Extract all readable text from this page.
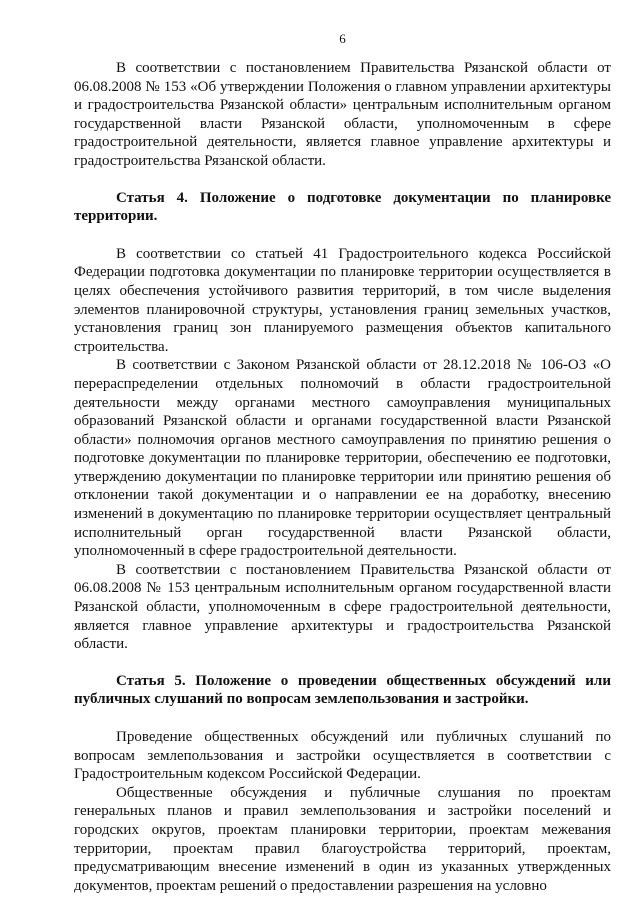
6

В соответствии с постановлением Правительства Рязанской области от 06.08.2008 № 153 «Об утверждении Положения о главном управлении архитектуры и градостроительства Рязанской области» центральным исполнительным органом государственной власти Рязанской области, уполномоченным в сфере градостроительной деятельности, является главное управление архитектуры и градостроительства Рязанской области.

Статья 4. Положение о подготовке документации по планировке территории.

В соответствии со статьей 41 Градостроительного кодекса Российской Федерации подготовка документации по планировке территории осуществляется в целях обеспечения устойчивого развития территорий, в том числе выделения элементов планировочной структуры, установления границ земельных участков, установления границ зон планируемого размещения объектов капитального строительства.

В соответствии с Законом Рязанской области от 28.12.2018 № 106-ОЗ «О перераспределении отдельных полномочий в области градостроительной деятельности между органами местного самоуправления муниципальных образований Рязанской области и органами государственной власти Рязанской области» полномочия органов местного самоуправления по принятию решения о подготовке документации по планировке территории, обеспечению ее подготовки, утверждению документации по планировке территории или принятию решения об отклонении такой документации и о направлении ее на доработку, внесению изменений в документацию по планировке территории осуществляет центральный исполнительный орган государственной власти Рязанской области, уполномоченный в сфере градостроительной деятельности.

В соответствии с постановлением Правительства Рязанской области от 06.08.2008 № 153 центральным исполнительным органом государственной власти Рязанской области, уполномоченным в сфере градостроительной деятельности, является главное управление архитектуры и градостроительства Рязанской области.

Статья 5. Положение о проведении общественных обсуждений или публичных слушаний по вопросам землепользования и застройки.

Проведение общественных обсуждений или публичных слушаний по вопросам землепользования и застройки осуществляется в соответствии с Градостроительным кодексом Российской Федерации.

Общественные обсуждения и публичные слушания по проектам генеральных планов и правил землепользования и застройки поселений и городских округов, проектам планировки территории, проектам межевания территории, проектам правил благоустройства территорий, проектам, предусматривающим внесение изменений в один из указанных утвержденных документов, проектам решений о предоставлении разрешения на условно
